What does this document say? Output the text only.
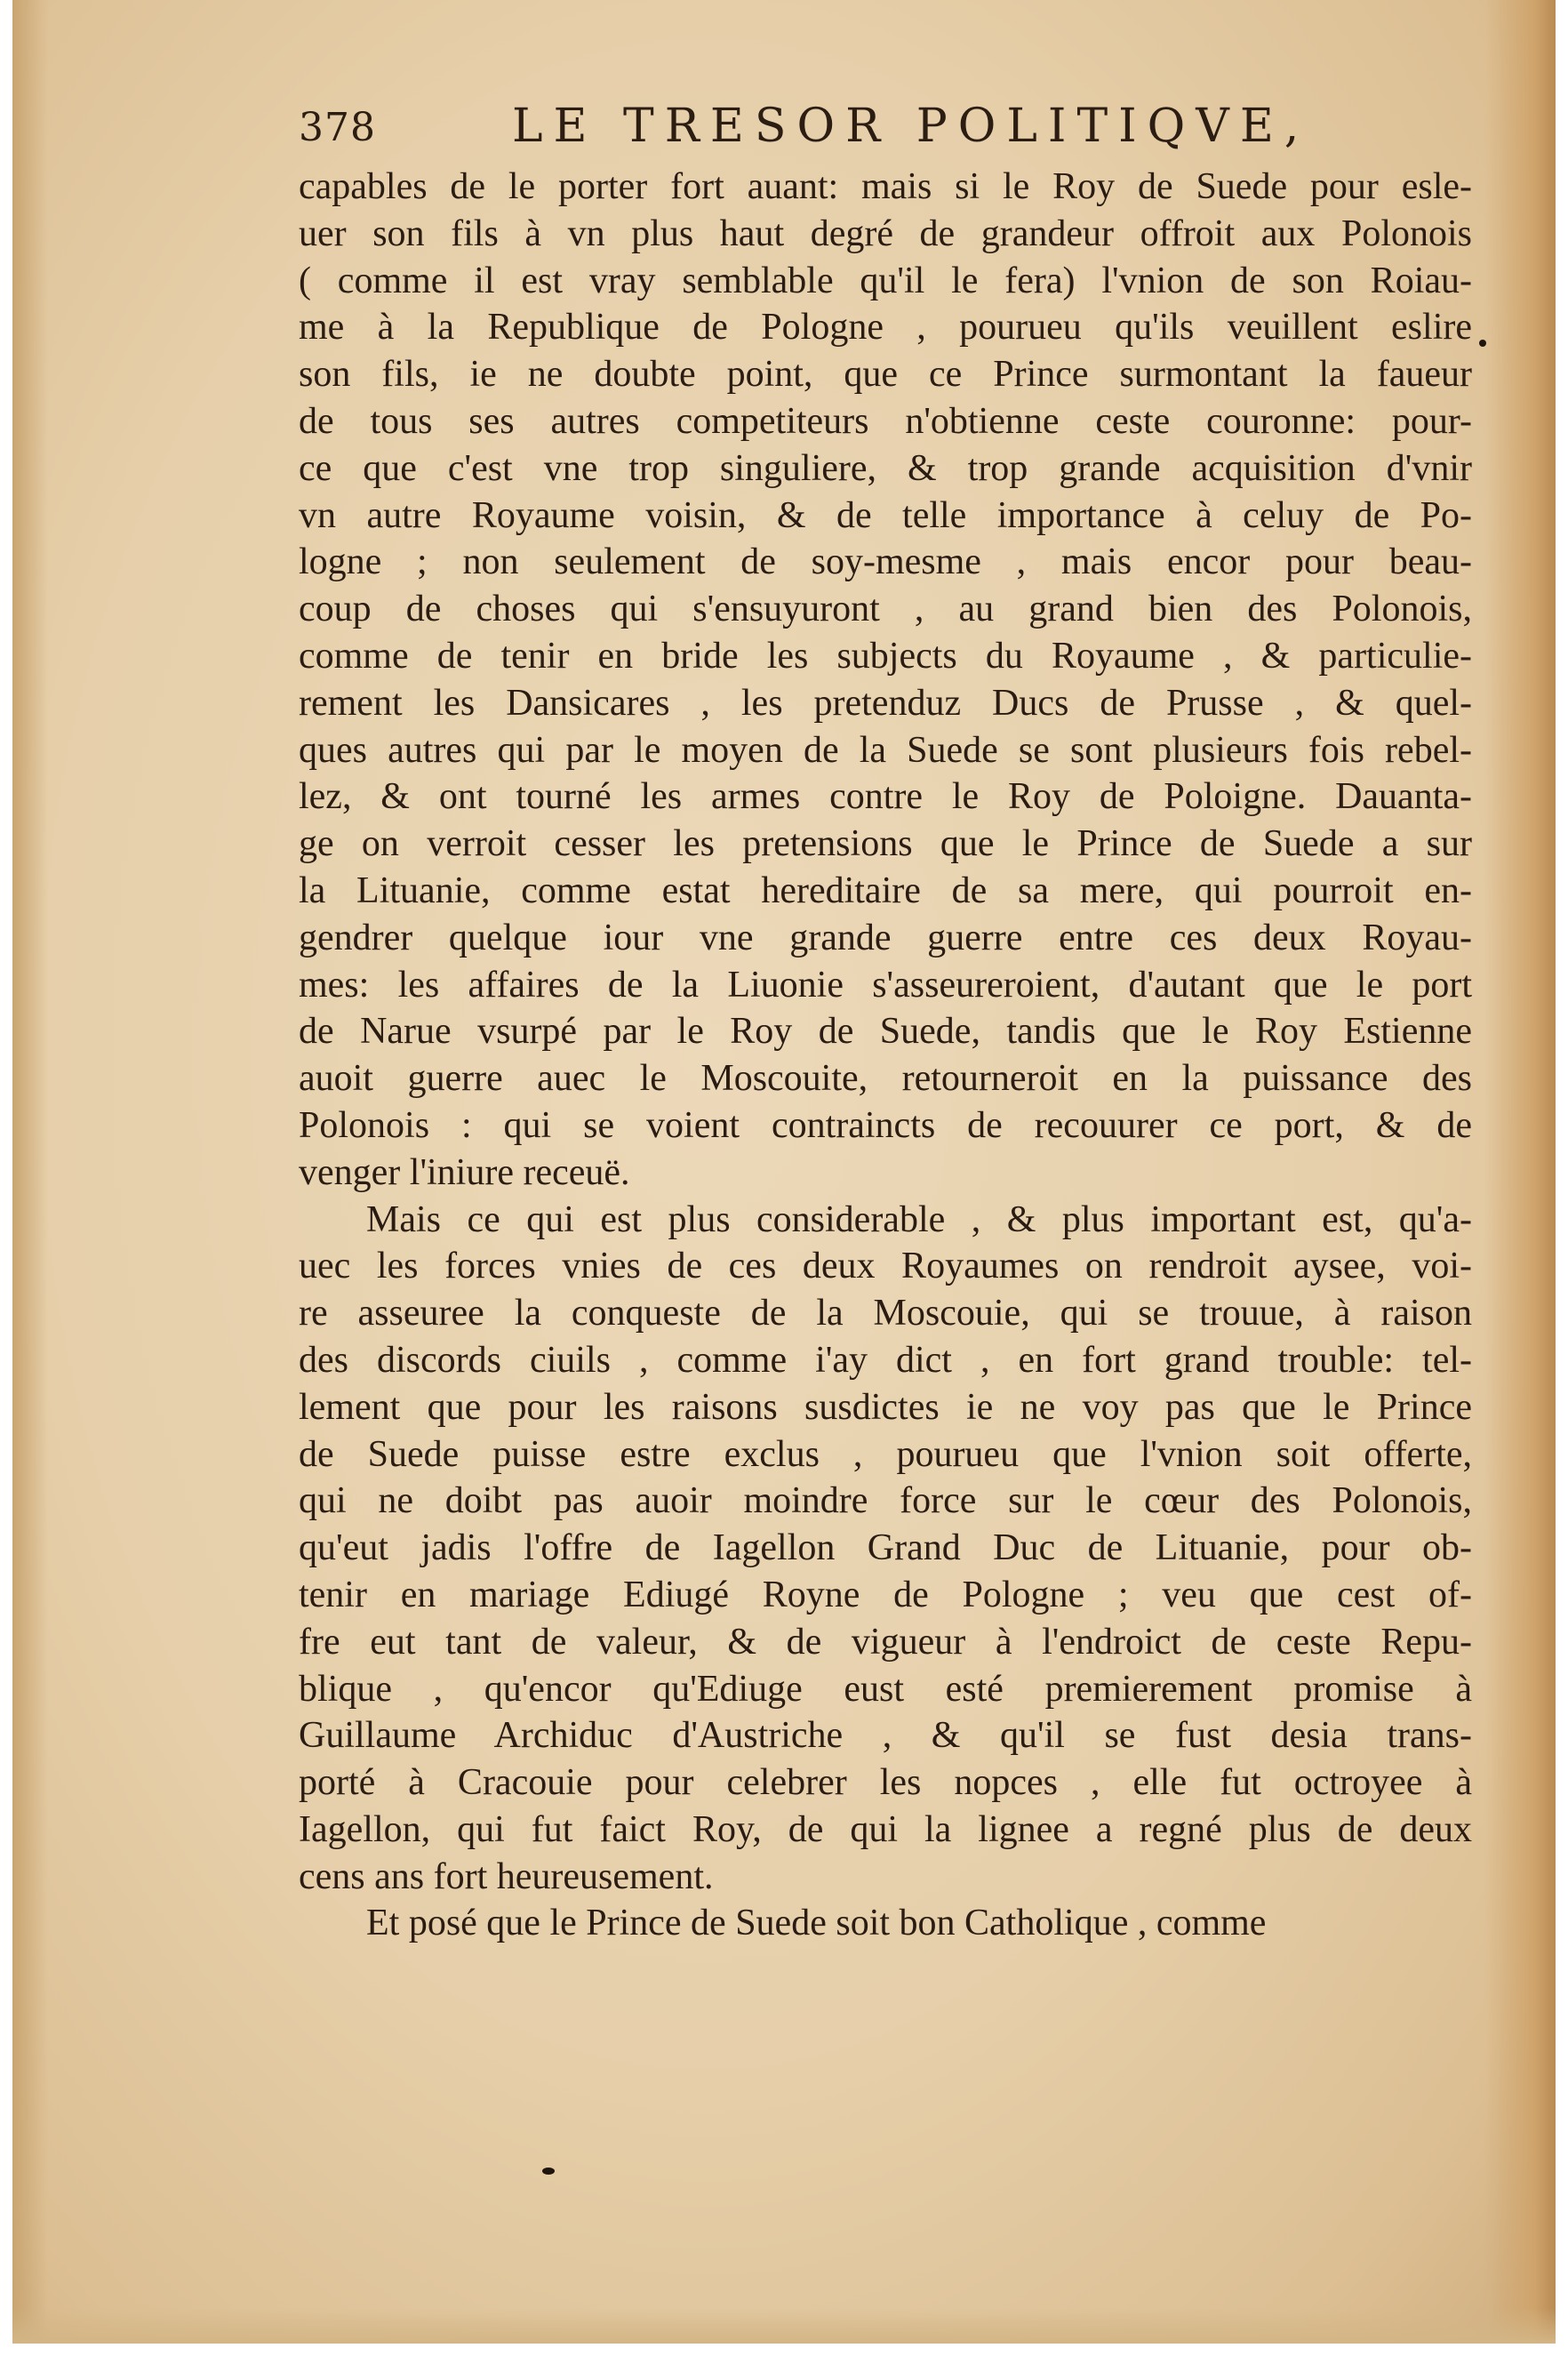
378	LE TRESOR POLITIQVE,
capables de le porter fort auant: mais si le Roy de Suede pour esle-
uer son fils à vn plus haut degré de grandeur offroit aux Polonois
( comme il est vray semblable qu'il le fera) l'vnion de son Roiau-
me à la Republique de Pologne , pourueu qu'ils veuillent eslire
son fils, ie ne doubte point, que ce Prince surmontant la faueur
de tous ses autres competiteurs n'obtienne ceste couronne: pour-
ce que c'est vne trop singuliere, & trop grande acquisition d'vnir
vn autre Royaume voisin, & de telle importance à celuy de Po-
logne ; non seulement de soy-mesme , mais encor pour beau-
coup de choses qui s'ensuyuront , au grand bien des Polonois,
comme de tenir en bride les subjects du Royaume , & particulie-
rement les Dansicares , les pretenduz Ducs de Prusse , & quel-
ques autres qui par le moyen de la Suede se sont plusieurs fois rebel-
lez, & ont tourné les armes contre le Roy de Poloigne. Dauanta-
ge on verroit cesser les pretensions que le Prince de Suede a sur
la Lituanie, comme estat hereditaire de sa mere, qui pourroit en-
gendrer quelque iour vne grande guerre entre ces deux Royau-
mes: les affaires de la Liuonie s'asseureroient, d'autant que le port
de Narue vsurpé par le Roy de Suede, tandis que le Roy Estienne
auoit guerre auec le Moscouite, retourneroit en la puissance des
Polonois : qui se voient contraincts de recouurer ce port, & de
venger l'iniure receuë.
Mais ce qui est plus considerable , & plus important est, qu'a-
uec les forces vnies de ces deux Royaumes on rendroit aysee, voi-
re asseuree la conqueste de la Moscouie, qui se trouue, à raison
des discords ciuils , comme i'ay dict , en fort grand trouble: tel-
lement que pour les raisons susdictes ie ne voy pas que le Prince
de Suede puisse estre exclus , pourueu que l'vnion soit offerte,
qui ne doibt pas auoir moindre force sur le cœur des Polonois,
qu'eut jadis l'offre de Iagellon Grand Duc de Lituanie, pour ob-
tenir en mariage Ediugé Royne de Pologne ; veu que cest of-
fre eut tant de valeur, & de vigueur à l'endroict de ceste Repu-
blique , qu'encor qu'Ediuge eust esté premierement promise à
Guillaume Archiduc d'Austriche , & qu'il se fust desia trans-
porté à Cracouie pour celebrer les nopces , elle fut octroyee à
Iagellon, qui fut faict Roy, de qui la lignee a regné plus de deux
cens ans fort heureusement.
Et posé que le Prince de Suede soit bon Catholique , comme
